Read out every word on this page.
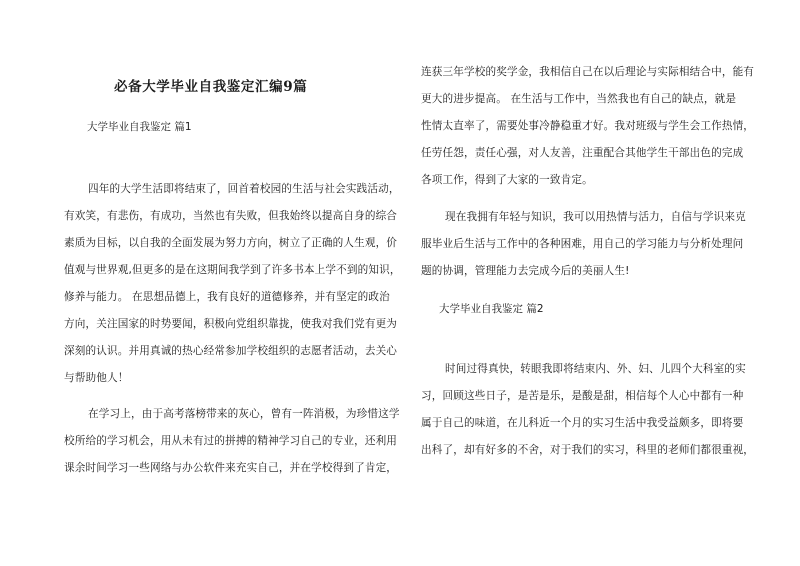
必备大学毕业自我鉴定汇编9篇
大学毕业自我鉴定 篇1
四年的大学生活即将结束了，回首着校园的生活与社会实践活动，
有欢笑，有悲伤，有成功，当然也有失败，但我始终以提高自身的综合
素质为目标，以自我的全面发展为努力方向，树立了正确的人生观，价
值观与世界观,但更多的是在这期间我学到了许多书本上学不到的知识，
修养与能力。 在思想品德上，我有良好的道德修养，并有坚定的政治
方向，关注国家的时势要闻，积极向党组织靠拢，使我对我们党有更为
深刻的认识。并用真诚的热心经常参加学校组织的志愿者活动，去关心
与帮助他人！
在学习上，由于高考落榜带来的灰心，曾有一阵消极，为珍惜这学
校所给的学习机会，用从未有过的拼搏的精神学习自己的专业，还利用
课余时间学习一些网络与办公软件来充实自己，并在学校得到了肯定，
连获三年学校的奖学金，我相信自己在以后理论与实际相结合中，能有
更大的进步提高。 在生活与工作中，当然我也有自己的缺点，就是
性情太直率了，需要处事冷静稳重才好。我对班级与学生会工作热情，
任劳任怨，责任心强，对人友善，注重配合其他学生干部出色的完成
各项工作，得到了大家的一致肯定。
现在我拥有年轻与知识，我可以用热情与活力，自信与学识来克
服毕业后生活与工作中的各种困难，用自己的学习能力与分析处理问
题的协调，管理能力去完成今后的美丽人生!
大学毕业自我鉴定 篇2
时间过得真快，转眼我即将结束内、外、妇、儿四个大科室的实
习，回顾这些日子，是苦是乐，是酸是甜，相信每个人心中都有一种
属于自己的味道，在儿科近一个月的实习生活中我受益颇多，即将要
出科了，却有好多的不舍，对于我们的实习，科里的老师们都很重视，
